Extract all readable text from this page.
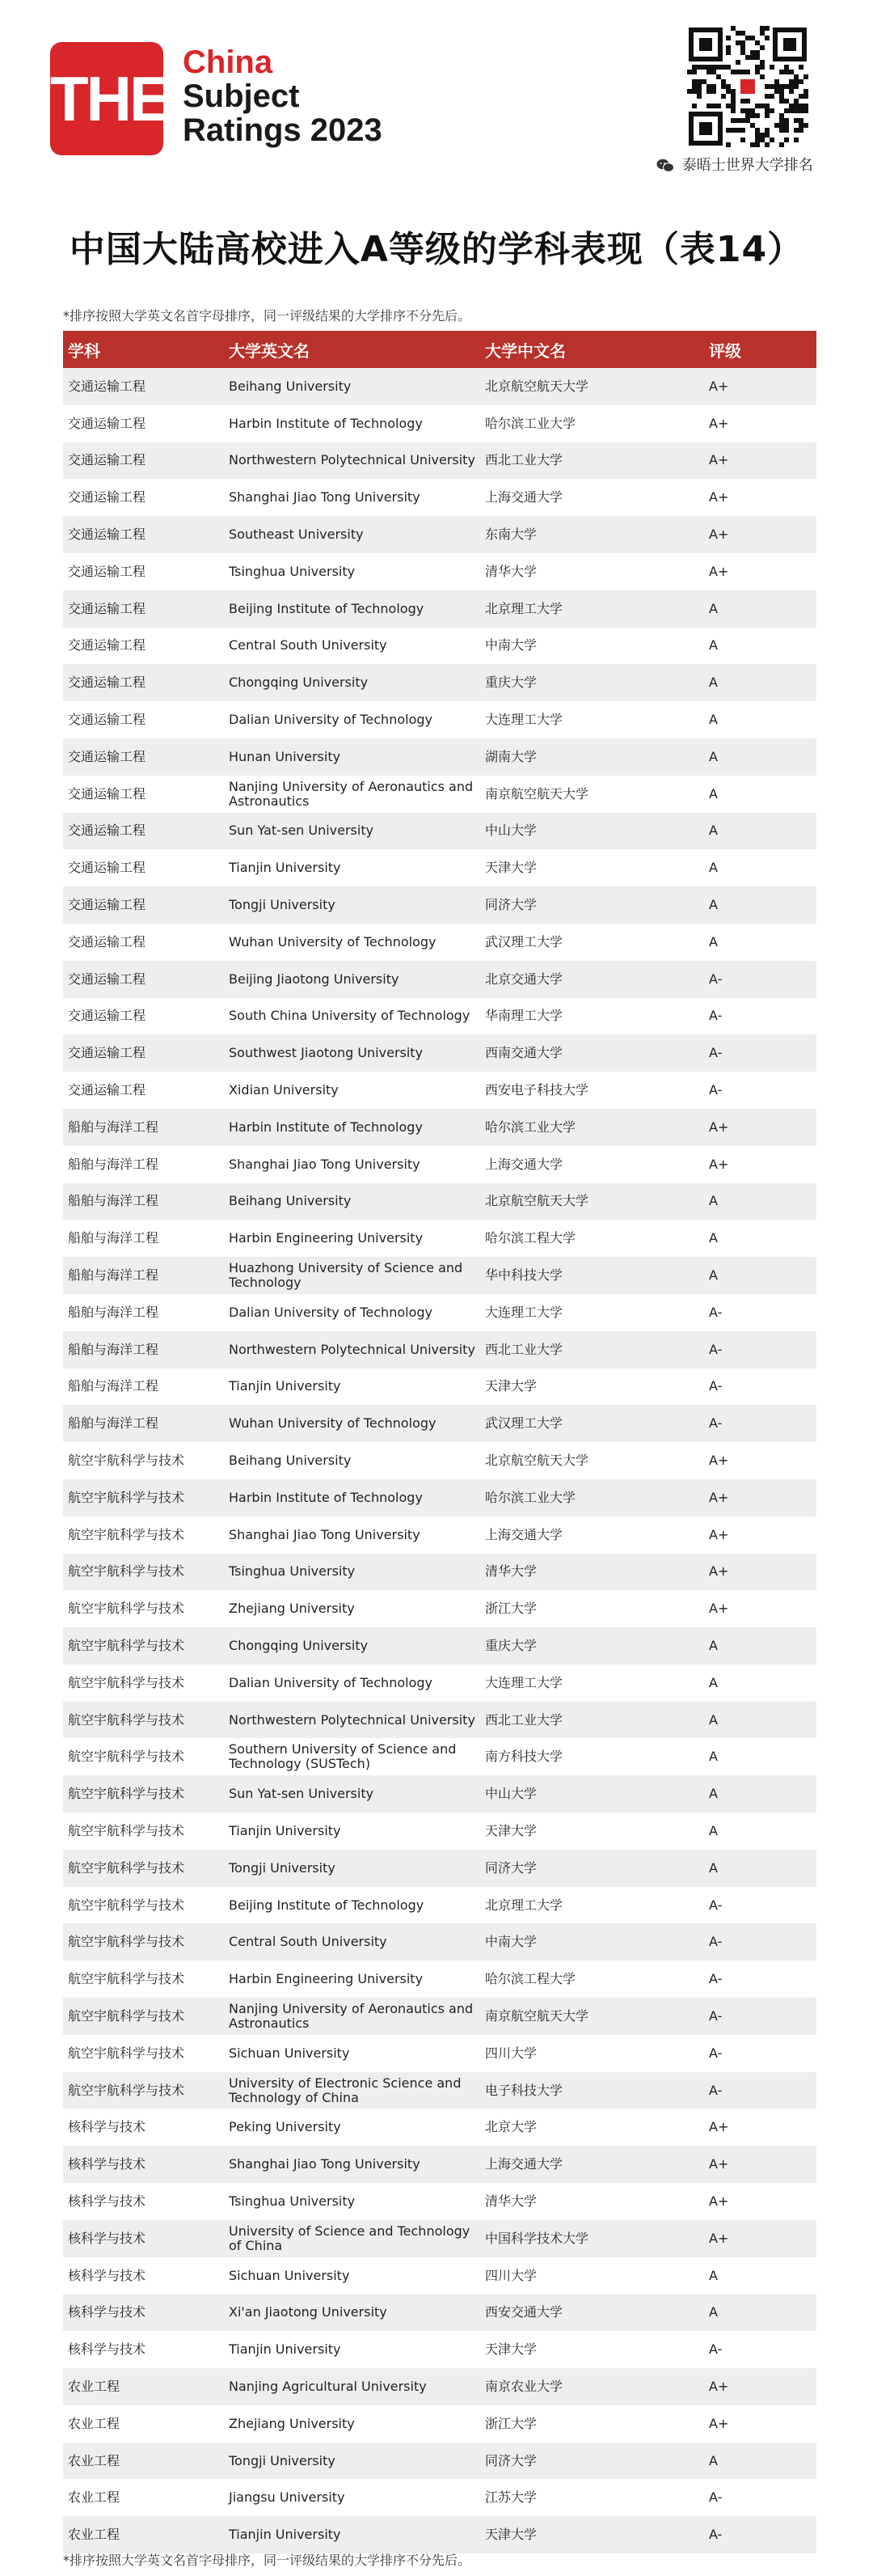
THE
China
Subject
Ratings 2023
泰晤士世界大学排名
中国大陆高校进入A等级的学科表现（表14）
*排序按照大学英文名首字母排序，同一评级结果的大学排序不分先后。
学科	大学英文名	大学中文名	评级
交通运输工程	Beihang University	北京航空航天大学	A+
交通运输工程	Harbin Institute of Technology	哈尔滨工业大学	A+
交通运输工程	Northwestern Polytechnical University	西北工业大学	A+
交通运输工程	Shanghai Jiao Tong University	上海交通大学	A+
交通运输工程	Southeast University	东南大学	A+
交通运输工程	Tsinghua University	清华大学	A+
交通运输工程	Beijing Institute of Technology	北京理工大学	A
交通运输工程	Central South University	中南大学	A
交通运输工程	Chongqing University	重庆大学	A
交通运输工程	Dalian University of Technology	大连理工大学	A
交通运输工程	Hunan University	湖南大学	A
交通运输工程	Nanjing University of Aeronautics and Astronautics	南京航空航天大学	A
交通运输工程	Sun Yat-sen University	中山大学	A
交通运输工程	Tianjin University	天津大学	A
交通运输工程	Tongji University	同济大学	A
交通运输工程	Wuhan University of Technology	武汉理工大学	A
交通运输工程	Beijing Jiaotong University	北京交通大学	A-
交通运输工程	South China University of Technology	华南理工大学	A-
交通运输工程	Southwest Jiaotong University	西南交通大学	A-
交通运输工程	Xidian University	西安电子科技大学	A-
船舶与海洋工程	Harbin Institute of Technology	哈尔滨工业大学	A+
船舶与海洋工程	Shanghai Jiao Tong University	上海交通大学	A+
船舶与海洋工程	Beihang University	北京航空航天大学	A
船舶与海洋工程	Harbin Engineering University	哈尔滨工程大学	A
船舶与海洋工程	Huazhong University of Science and Technology	华中科技大学	A
船舶与海洋工程	Dalian University of Technology	大连理工大学	A-
船舶与海洋工程	Northwestern Polytechnical University	西北工业大学	A-
船舶与海洋工程	Tianjin University	天津大学	A-
船舶与海洋工程	Wuhan University of Technology	武汉理工大学	A-
航空宇航科学与技术	Beihang University	北京航空航天大学	A+
航空宇航科学与技术	Harbin Institute of Technology	哈尔滨工业大学	A+
航空宇航科学与技术	Shanghai Jiao Tong University	上海交通大学	A+
航空宇航科学与技术	Tsinghua University	清华大学	A+
航空宇航科学与技术	Zhejiang University	浙江大学	A+
航空宇航科学与技术	Chongqing University	重庆大学	A
航空宇航科学与技术	Dalian University of Technology	大连理工大学	A
航空宇航科学与技术	Northwestern Polytechnical University	西北工业大学	A
航空宇航科学与技术	Southern University of Science and Technology (SUSTech)	南方科技大学	A
航空宇航科学与技术	Sun Yat-sen University	中山大学	A
航空宇航科学与技术	Tianjin University	天津大学	A
航空宇航科学与技术	Tongji University	同济大学	A
航空宇航科学与技术	Beijing Institute of Technology	北京理工大学	A-
航空宇航科学与技术	Central South University	中南大学	A-
航空宇航科学与技术	Harbin Engineering University	哈尔滨工程大学	A-
航空宇航科学与技术	Nanjing University of Aeronautics and Astronautics	南京航空航天大学	A-
航空宇航科学与技术	Sichuan University	四川大学	A-
航空宇航科学与技术	University of Electronic Science and Technology of China	电子科技大学	A-
核科学与技术	Peking University	北京大学	A+
核科学与技术	Shanghai Jiao Tong University	上海交通大学	A+
核科学与技术	Tsinghua University	清华大学	A+
核科学与技术	University of Science and Technology of China	中国科学技术大学	A+
核科学与技术	Sichuan University	四川大学	A
核科学与技术	Xi'an Jiaotong University	西安交通大学	A
核科学与技术	Tianjin University	天津大学	A-
农业工程	Nanjing Agricultural University	南京农业大学	A+
农业工程	Zhejiang University	浙江大学	A+
农业工程	Tongji University	同济大学	A
农业工程	Jiangsu University	江苏大学	A-
农业工程	Tianjin University	天津大学	A-
*排序按照大学英文名首字母排序，同一评级结果的大学排序不分先后。
